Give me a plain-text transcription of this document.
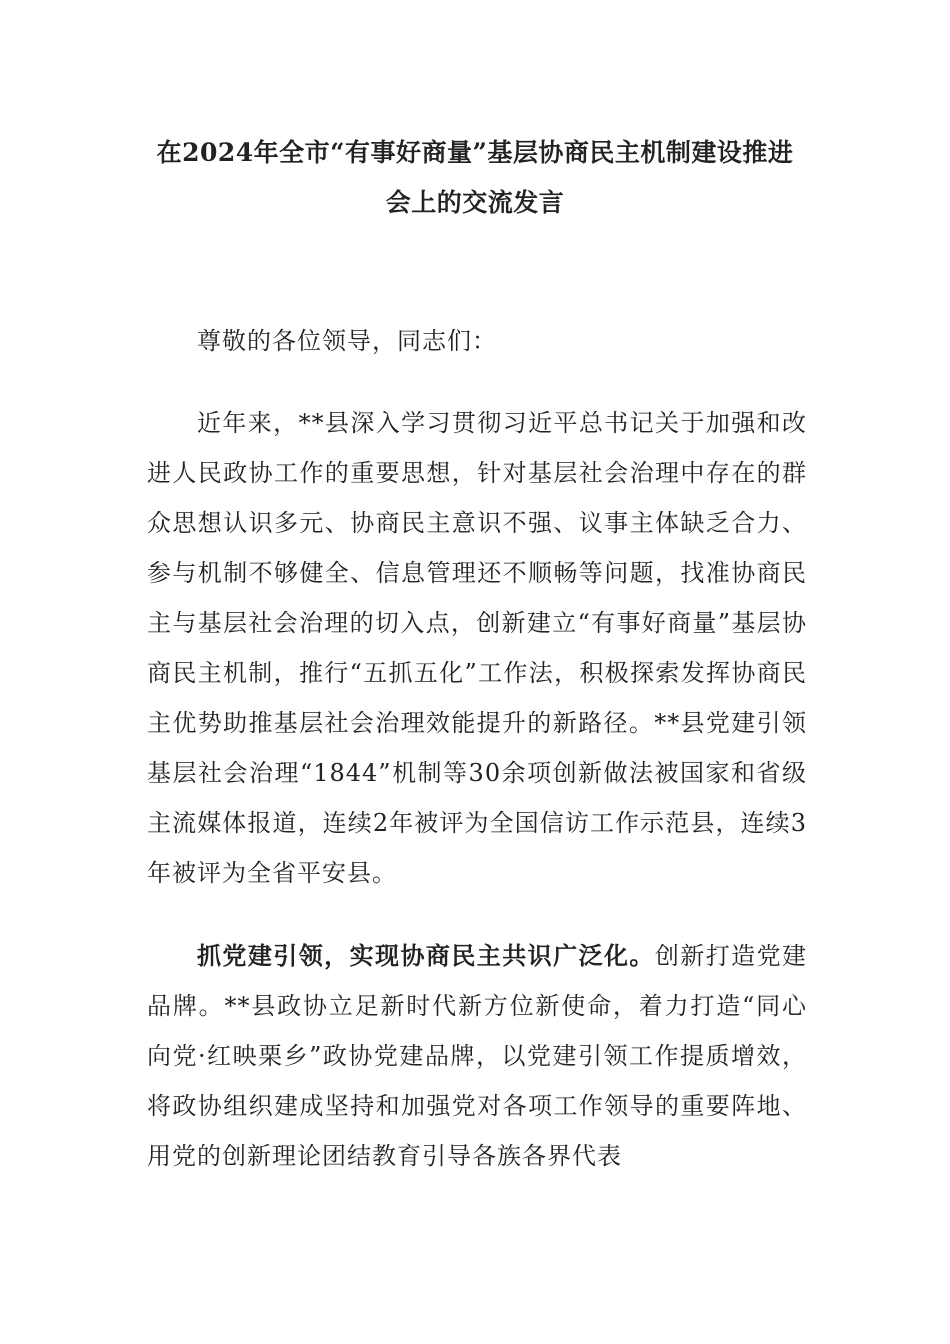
在2024年全市“有事好商量”基层协商民主机制建设推进
会上的交流发言
尊敬的各位领导，同志们：
近年来，**县深入学习贯彻习近平总书记关于加强和改进人民政协工作的重要思想，针对基层社会治理中存在的群众思想认识多元、协商民主意识不强、议事主体缺乏合力、参与机制不够健全、信息管理还不顺畅等问题，找准协商民主与基层社会治理的切入点，创新建立“有事好商量”基层协商民主机制，推行“五抓五化”工作法，积极探索发挥协商民主优势助推基层社会治理效能提升的新路径。**县党建引领基层社会治理“1844”机制等30余项创新做法被国家和省级主流媒体报道，连续2年被评为全国信访工作示范县，连续3年被评为全省平安县。
抓党建引领，实现协商民主共识广泛化。创新打造党建品牌。**县政协立足新时代新方位新使命，着力打造“同心向党·红映栗乡”政协党建品牌，以党建引领工作提质增效，将政协组织建成坚持和加强党对各项工作领导的重要阵地、用党的创新理论团结教育引导各族各界代表
